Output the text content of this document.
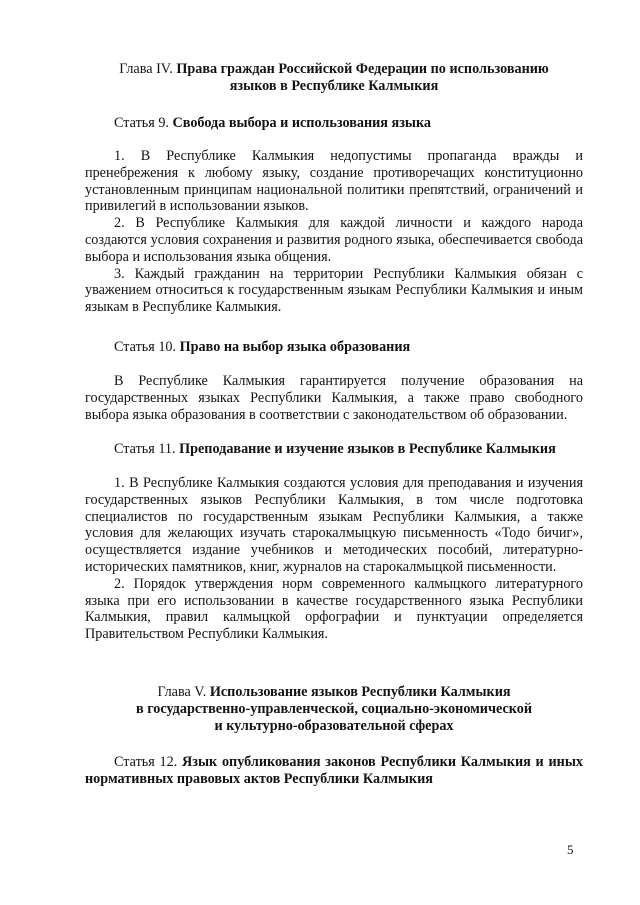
Глава IV. Права граждан Российской Федерации по использованию
языков в Республике Калмыкия

Статья 9. Свобода выбора и использования языка

1. В Республике Калмыкия недопустимы пропаганда вражды и пренебрежения к любому языку, создание противоречащих конституционно установленным принципам национальной политики препятствий, ограничений и привилегий в использовании языков.

2. В Республике Калмыкия для каждой личности и каждого народа создаются условия сохранения и развития родного языка, обеспечивается свобода выбора и использования языка общения.

3. Каждый гражданин на территории Республики Калмыкия обязан с уважением относиться к государственным языкам Республики Калмыкия и иным языкам в Республике Калмыкия.

Статья 10. Право на выбор языка образования

В Республике Калмыкия гарантируется получение образования на государственных языках Республики Калмыкия, а также право свободного выбора языка образования в соответствии с законодательством об образовании.

Статья 11. Преподавание и изучение языков в Республике Калмыкия

1. В Республике Калмыкия создаются условия для преподавания и изучения государственных языков Республики Калмыкия, в том числе подготовка специалистов по государственным языкам Республики Калмыкия, а также условия для желающих изучать старокалмыцкую письменность «Тодо бичиг», осуществляется издание учебников и методических пособий, литературно-исторических памятников, книг, журналов на старокалмыцкой письменности.

2. Порядок утверждения норм современного калмыцкого литературного языка при его использовании в качестве государственного языка Республики Калмыкия, правил калмыцкой орфографии и пунктуации определяется Правительством Республики Калмыкия.

Глава V. Использование языков Республики Калмыкия
в государственно-управленческой, социально-экономической
и культурно-образовательной сферах

Статья 12. Язык опубликования законов Республики Калмыкия и иных нормативных правовых актов Республики Калмыкия

5
